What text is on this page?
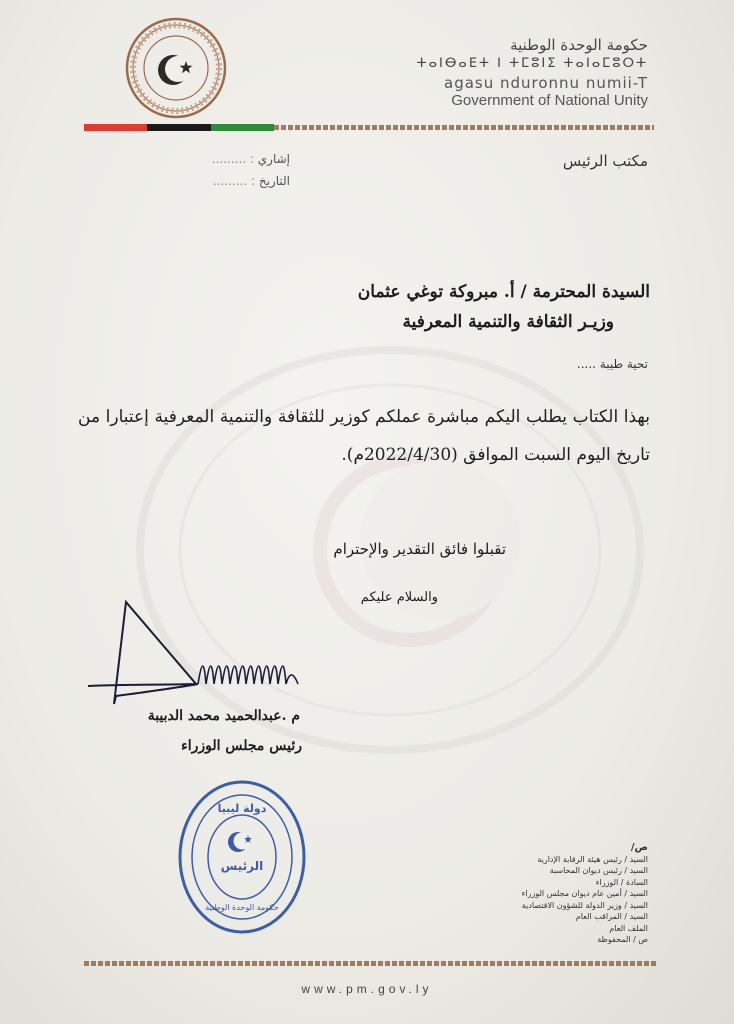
حكومة الوحدة الوطنية
ⵜⴰⵏⴱⴰⴹⵜ ⵏ ⵜⵎⵓⵏⵉ ⵜⴰⵏⴰⵎⵓⵔⵜ
agasu nduronnu numii-T
Government of National Unity
مكتب الرئيس
إشاري : .........
التاريخ : .........
السيدة المحترمة / أ. مبروكة توغي عثمان
وزيـر الثقافة والتنمية المعرفية
تحية طيبة .....
بهذا الكتاب يطلب اليكم مباشرة عملكم كوزير للثقافة والتنمية المعرفية إعتبارا من تاريخ اليوم السبت الموافق (2022/4/30م).
تقبلوا فائق التقدير والإحترام
والسلام عليكم
م .عبدالحميد محمد الدبيبة
رئيس مجلس الوزراء
دولة ليبيا
الرئيس
حكومة الوحدة الوطنية
ص/
السيد / رئيس هيئة الرقابة الإدارية
السيد / رئيس ديوان المحاسبة
السادة / الوزراء
السيد / أمين عام ديوان مجلس الوزراء
السيد / وزير الدولة للشؤون الاقتصادية
السيد / المراقب العام
الملف العام
ص / المحفوظة
www.pm.gov.ly
